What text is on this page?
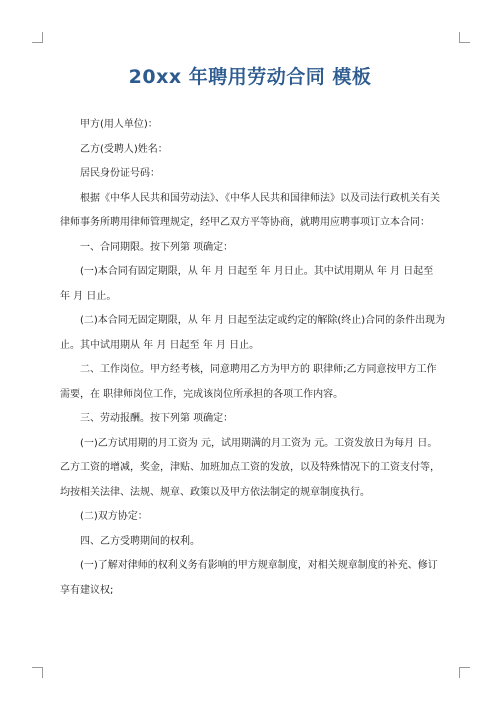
20xx 年聘用劳动合同 模板

甲方(用人单位)：

乙方(受聘人)姓名：

居民身份证号码：

根据《中华人民共和国劳动法》、《中华人民共和国律师法》以及司法行政机关有关律师事务所聘用律师管理规定，经甲乙双方平等协商，就聘用应聘事项订立本合同：

一、合同期限。按下列第 项确定：

(一)本合同有固定期限，从 年 月 日起至 年 月日止。其中试用期从 年 月 日起至 年 月 日止。

(二)本合同无固定期限，从 年 月 日起至法定或约定的解除(终止)合同的条件出现为止。其中试用期从 年 月 日起至 年 月 日止。

二、工作岗位。甲方经考核，同意聘用乙方为甲方的 职律师;乙方同意按甲方工作需要，在 职律师岗位工作，完成该岗位所承担的各项工作内容。

三、劳动报酬。按下列第 项确定：

(一)乙方试用期的月工资为 元，试用期满的月工资为 元。工资发放日为每月 日。乙方工资的增减，奖金，津贴、加班加点工资的发放，以及特殊情况下的工资支付等，均按相关法律、法规、规章、政策以及甲方依法制定的规章制度执行。

(二)双方协定：

四、乙方受聘期间的权利。

(一)了解对律师的权利义务有影响的甲方规章制度，对相关规章制度的补充、修订享有建议权;
